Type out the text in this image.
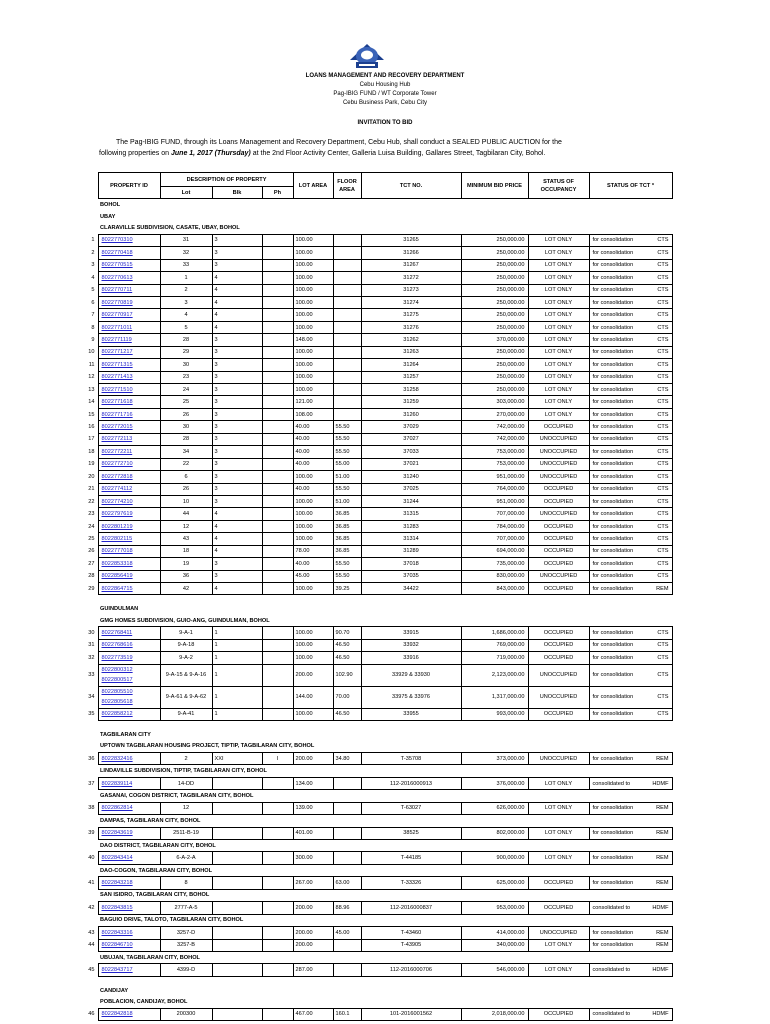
LOANS MANAGEMENT AND RECOVERY DEPARTMENT
Cebu Housing Hub
Pag-IBIG FUND / WT Corporate Tower
Cebu Business Park, Cebu City
INVITATION TO BID
The Pag-IBIG FUND, through its Loans Management and Recovery Department, Cebu Hub, shall conduct a SEALED PUBLIC AUCTION for the
following properties on June 1, 2017 (Thursday) at the 2nd Floor Activity Center, Galleria Luisa Building, Gallares Street, Tagbilaran City, Bohol.
	PROPERTY ID	DESCRIPTION OF PROPERTY			LOT AREA	FLOOR AREA	TCT NO.	MINIMUM BID PRICE	STATUS OF OCCUPANCY	STATUS OF TCT *	
		Lot	Blk	Ph							
	BOHOL										
	UBAY										
	CLARAVILLE SUBDIVISION, CASATE, UBAY, BOHOL										
1	8022770310	31	3		100.00		31265	250,000.00	LOT ONLY	for consolidation	CTS
2	8022770418	32	3		100.00		31266	250,000.00	LOT ONLY	for consolidation	CTS
3	8022770515	33	3		100.00		31267	250,000.00	LOT ONLY	for consolidation	CTS
4	8022770613	1	4		100.00		31272	250,000.00	LOT ONLY	for consolidation	CTS
5	8022770711	2	4		100.00		31273	250,000.00	LOT ONLY	for consolidation	CTS
6	8022770819	3	4		100.00		31274	250,000.00	LOT ONLY	for consolidation	CTS
7	8022770917	4	4		100.00		31275	250,000.00	LOT ONLY	for consolidation	CTS
8	8022771011	5	4		100.00		31276	250,000.00	LOT ONLY	for consolidation	CTS
9	8022771119	28	3		148.00		31262	370,000.00	LOT ONLY	for consolidation	CTS
10	8022771217	29	3		100.00		31263	250,000.00	LOT ONLY	for consolidation	CTS
11	8022771315	30	3		100.00		31264	250,000.00	LOT ONLY	for consolidation	CTS
12	8022771413	23	3		100.00		31257	250,000.00	LOT ONLY	for consolidation	CTS
13	8022771510	24	3		100.00		31258	250,000.00	LOT ONLY	for consolidation	CTS
14	8022771618	25	3		121.00		31259	303,000.00	LOT ONLY	for consolidation	CTS
15	8022771716	26	3		108.00		31260	270,000.00	LOT ONLY	for consolidation	CTS
16	8022772015	30	3		40.00	55.50	37029	742,000.00	OCCUPIED	for consolidation	CTS
17	8022772113	28	3		40.00	55.50	37027	742,000.00	UNOCCUPIED	for consolidation	CTS
18	8022772211	34	3		40.00	55.50	37033	753,000.00	UNOCCUPIED	for consolidation	CTS
19	8022772710	22	3		40.00	55.00	37021	753,000.00	UNOCCUPIED	for consolidation	CTS
20	8022772818	6	3		100.00	51.00	31240	951,000.00	UNOCCUPIED	for consolidation	CTS
21	8022774112	26	3		40.00	55.50	37025	764,000.00	OCCUPIED	for consolidation	CTS
22	8022774210	10	3		100.00	51.00	31244	951,000.00	OCCUPIED	for consolidation	CTS
23	8022797619	44	4		100.00	36.85	31315	707,000.00	UNOCCUPIED	for consolidation	CTS
24	8022801219	12	4		100.00	36.85	31283	784,000.00	OCCUPIED	for consolidation	CTS
25	8022802115	43	4		100.00	36.85	31314	707,000.00	OCCUPIED	for consolidation	CTS
26	8022777018	18	4		78.00	36.85	31289	694,000.00	OCCUPIED	for consolidation	CTS
27	8022853318	19	3		40.00	55.50	37018	735,000.00	OCCUPIED	for consolidation	CTS
28	8022856419	36	3		45.00	55.50	37035	830,000.00	UNOCCUPIED	for consolidation	CTS
29	8022864715	42	4		100.00	39.25	34422	843,000.00	OCCUPIED	for consolidation	REM

	GUINDULMAN										
	GMG HOMES SUBDIVISION, GUIO-ANG, GUINDULMAN, BOHOL										
30	8022768411	9-A-1	1		100.00	90.70	33915	1,686,000.00	OCCUPIED	for consolidation	CTS
31	8022768616	9-A-18	1		100.00	46.50	33932	769,000.00	OCCUPIED	for consolidation	CTS
32	8022773519	9-A-2	1		100.00	46.50	33916	719,000.00	OCCUPIED	for consolidation	CTS
33	8022800312
8022800517	9-A-15 & 9-A-16	1		200.00	102.90	33929 & 33930	2,123,000.00	UNOCCUPIED	for consolidation	CTS
34	8022805510
8022805618	9-A-61 & 9-A-62	1		144.00	70.00	33975 & 33976	1,317,000.00	UNOCCUPIED	for consolidation	CTS
35	8022858212	9-A-41	1		100.00	46.50	33955	993,000.00	OCCUPIED	for consolidation	CTS

	TAGBILARAN CITY										
	UPTOWN TAGBILARAN HOUSING PROJECT, TIPTIP, TAGBILARAN CITY, BOHOL										
36	8022832416	2	XXI	I	200.00	34.80	T-35708	373,000.00	UNOCCUPIED	for consolidation	REM
	LINDAVILLE SUBDIVISION, TIPTIP, TAGBILARAN CITY, BOHOL										
37	8022839114	14-DD			134.00		112-2016000913	376,000.00	LOT ONLY	consolidated to	HDMF
	GASANAI, COGON DISTRICT, TAGBILARAN CITY, BOHOL										
38	8022862814	12			139.00		T-63027	626,000.00	LOT ONLY	for consolidation	REM
	DAMPAS, TAGBILARAN CITY, BOHOL										
39	8022843619	2511-B-19			401.00		38525	802,000.00	LOT ONLY	for consolidation	REM
	DAO DISTRICT, TAGBILARAN CITY, BOHOL										
40	8022843414	6-A-2-A			300.00		T-44185	900,000.00	LOT ONLY	for consolidation	REM
	DAO-COGON, TAGBILARAN CITY, BOHOL										
41	8022843218	8			267.00	63.00	T-33326	625,000.00	OCCUPIED	for consolidation	REM
	SAN ISIDRO, TAGBILARAN CITY, BOHOL										
42	8022843815	2777-A-5			200.00	88.96	112-2016000837	953,000.00	OCCUPIED	consolidated to	HDMF
	BAGUIO DRIVE, TALOTO, TAGBILARAN CITY, BOHOL										
43	8022843316	3257-D			200.00	45.00	T-43460	414,000.00	UNOCCUPIED	for consolidation	REM
44	8022846710	3257-B			200.00		T-43905	340,000.00	LOT ONLY	for consolidation	REM
	UBUJAN, TAGBILARAN CITY, BOHOL										
45	8022843717	4399-D			287.00		112-2016000706	546,000.00	LOT ONLY	consolidated to	HDMF

	CANDIJAY										
	POBLACION, CANDIJAY, BOHOL										
46	8022842818	200300			467.00	160.1	101-2016001562	2,018,000.00	OCCUPIED	consolidated to	HDMF
